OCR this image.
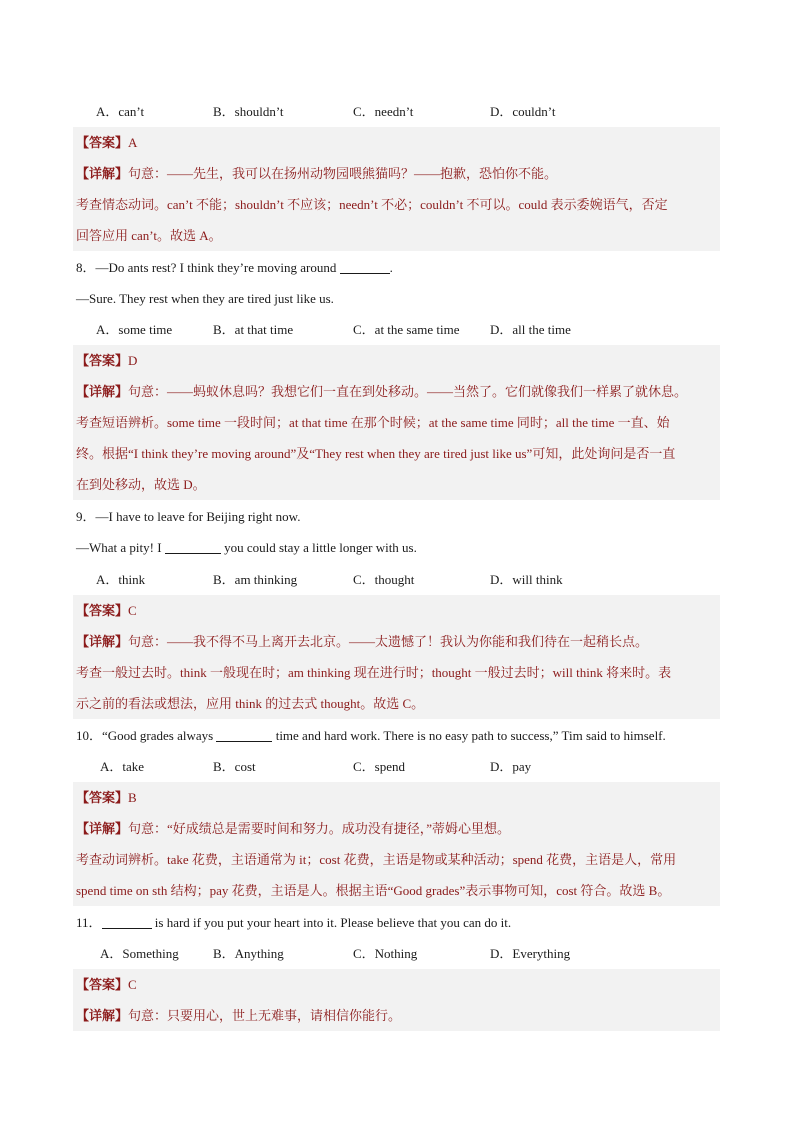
A．can’t	B．shouldn’t	C．needn’t	D．couldn’t
【答案】A
【详解】句意：——先生，我可以在扬州动物园喂熊猫吗？——抱歉，恐怕你不能。
考查情态动词。can’t 不能；shouldn’t 不应该；needn’t 不必；couldn’t 不可以。could 表示委婉语气，否定
回答应用 can’t。故选 A。
8．—Do ants rest? I think they’re moving around	.
—Sure. They rest when they are tired just like us.
A．some time	B．at that time	C．at the same time D．all the time
【答案】D
【详解】句意：——蚂蚁休息吗？我想它们一直在到处移动。——当然了。它们就像我们一样累了就休息。
考查短语辨析。some time 一段时间；at that time 在那个时候；at the same time 同时；all the time 一直、始
终。根据“I think they’re moving around”及“They rest when they are tired just like us”可知，此处询问是否一直
在到处移动，故选 D。
9．—I have to leave for Beijing right now.
—What a pity! I	you could stay a little longer with us.
A．think	B．am thinking	C．thought	D．will think
【答案】C
【详解】句意：——我不得不马上离开去北京。——太遗憾了！我认为你能和我们待在一起稍长点。
考查一般过去时。think 一般现在时；am thinking 现在进行时；thought 一般过去时；will think 将来时。表
示之前的看法或想法，应用 think 的过去式 thought。故选 C。
10．“Good grades always	time and hard work. There is no easy path to success,” Tim said to himself.
A．take	B．cost	C．spend	D．pay
【答案】B
【详解】句意：“好成绩总是需要时间和努力。成功没有捷径，”蒂姆心里想。
考查动词辨析。take 花费，主语通常为 it；cost 花费，主语是物或某种活动；spend 花费，主语是人，常用
spend time on sth 结构；pay 花费，主语是人。根据主语“Good grades”表示事物可知，cost 符合。故选 B。
11．	is hard if you put your heart into it. Please believe that you can do it.
A．Something	B．Anything	C．Nothing	D．Everything
【答案】C
【详解】句意：只要用心，世上无难事，请相信你能行。
